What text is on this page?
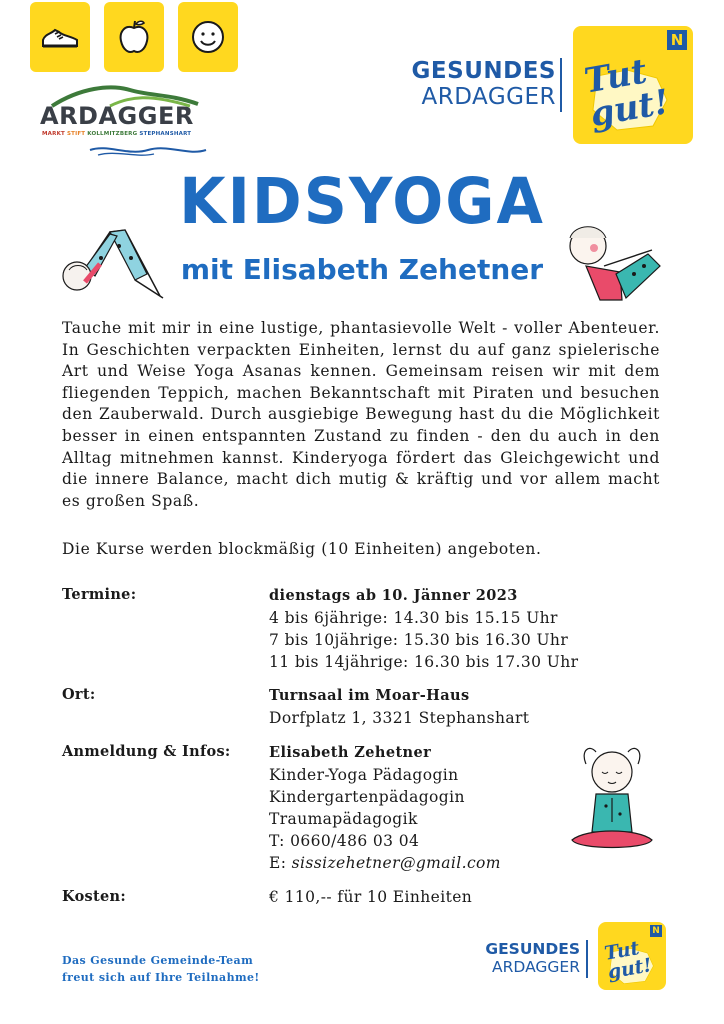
ARDAGGER
MARKT STIFT KOLLMITZBERG STEPHANSHART
GESUNDES
ARDAGGER Tut gut!
N
KIDSYOGA
mit Elisabeth Zehetner
Tauche mit mir in eine lustige, phantasievolle Welt - voller Abenteuer. In Geschichten verpackten Einheiten, lernst du auf ganz spielerische Art und Weise Yoga Asanas kennen. Gemeinsam reisen wir mit dem fliegenden Teppich, machen Bekanntschaft mit Piraten und besuchen den Zauberwald. Durch ausgiebige Bewegung hast du die Möglichkeit besser in einen entspannten Zustand zu finden - den du auch in den Alltag mitnehmen kannst. Kinderyoga fördert das Gleichgewicht und die innere Balance, macht dich mutig & kräftig und vor allem macht es großen Spaß.
Die Kurse werden blockmäßig (10 Einheiten) angeboten.
Termine:	dienstags ab 10. Jänner 2023
4 bis 6jährige: 14.30 bis 15.15 Uhr
7 bis 10jährige: 15.30 bis 16.30 Uhr
11 bis 14jährige: 16.30 bis 17.30 Uhr
Ort:	Turnsaal im Moar-Haus
Dorfplatz 1, 3321 Stephanshart
Anmeldung & Infos:	Elisabeth Zehetner
Kinder-Yoga Pädagogin
Kindergartenpädagogin
Traumapädagogik
T: 0660/486 03 04
E: sissizehetner@gmail.com
Kosten:	€ 110,-- für 10 Einheiten
Das Gesunde Gemeinde-Team
freut sich auf Ihre Teilnahme!
GESUNDES
ARDAGGER
Tut gut!
N
